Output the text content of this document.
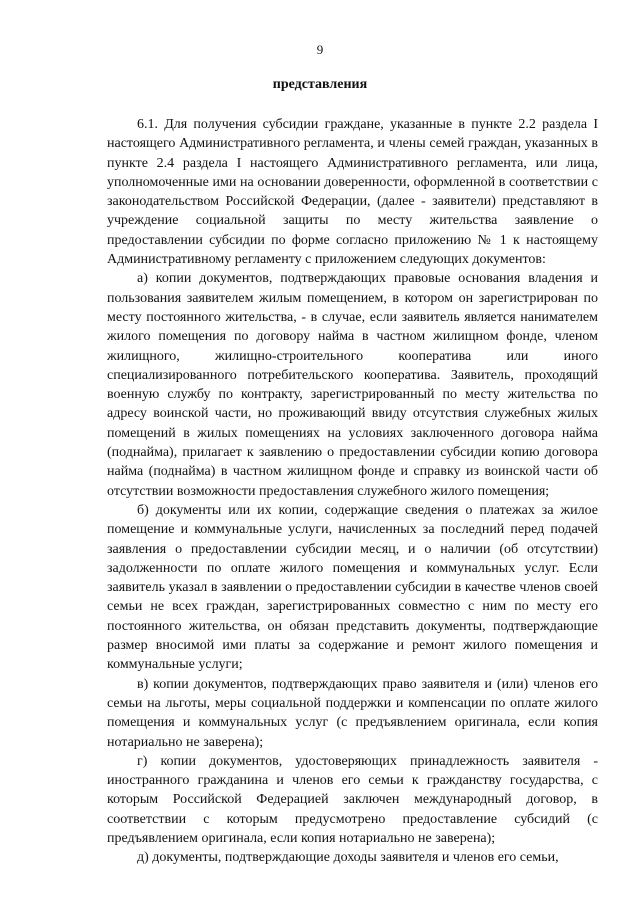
9
представления

6.1. Для получения субсидии граждане, указанные в пункте 2.2 раздела I настоящего Административного регламента, и члены семей граждан, указанных в пункте 2.4 раздела I настоящего Административного регламента, или лица, уполномоченные ими на основании доверенности, оформленной в соответствии с законодательством Российской Федерации, (далее - заявители) представляют в учреждение социальной защиты по месту жительства заявление о предоставлении субсидии по форме согласно приложению № 1 к настоящему Административному регламенту с приложением следующих документов:

а) копии документов, подтверждающих правовые основания владения и пользования заявителем жилым помещением, в котором он зарегистрирован по месту постоянного жительства, - в случае, если заявитель является нанимателем жилого помещения по договору найма в частном жилищном фонде, членом жилищного, жилищно-строительного кооператива или иного специализированного потребительского кооператива. Заявитель, проходящий военную службу по контракту, зарегистрированный по месту жительства по адресу воинской части, но проживающий ввиду отсутствия служебных жилых помещений в жилых помещениях на условиях заключенного договора найма (поднайма), прилагает к заявлению о предоставлении субсидии копию договора найма (поднайма) в частном жилищном фонде и справку из воинской части об отсутствии возможности предоставления служебного жилого помещения;

б) документы или их копии, содержащие сведения о платежах за жилое помещение и коммунальные услуги, начисленных за последний перед подачей заявления о предоставлении субсидии месяц, и о наличии (об отсутствии) задолженности по оплате жилого помещения и коммунальных услуг. Если заявитель указал в заявлении о предоставлении субсидии в качестве членов своей семьи не всех граждан, зарегистрированных совместно с ним по месту его постоянного жительства, он обязан представить документы, подтверждающие размер вносимой ими платы за содержание и ремонт жилого помещения и коммунальные услуги;

в) копии документов, подтверждающих право заявителя и (или) членов его семьи на льготы, меры социальной поддержки и компенсации по оплате жилого помещения и коммунальных услуг (с предъявлением оригинала, если копия нотариально не заверена);

г) копии документов, удостоверяющих принадлежность заявителя - иностранного гражданина и членов его семьи к гражданству государства, с которым Российской Федерацией заключен международный договор, в соответствии с которым предусмотрено предоставление субсидий (с предъявлением оригинала, если копия нотариально не заверена);

д) документы, подтверждающие доходы заявителя и членов его семьи,
